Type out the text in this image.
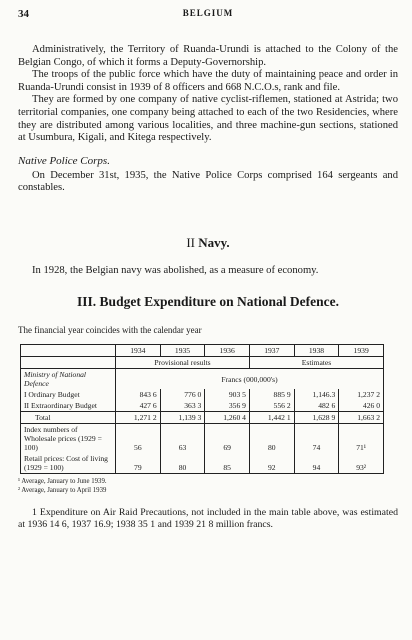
34	BELGIUM

Administratively, the Territory of Ruanda-Urundi is attached to the Colony of the Belgian Congo, of which it forms a Deputy-Governorship.

The troops of the public force which have the duty of maintaining peace and order in Ruanda-Urundi consist in 1939 of 8 officers and 668 N.C.O.s, rank and file.

They are formed by one company of native cyclist-riflemen, stationed at Astrida; two territorial companies, one company being attached to each of the two Residencies, where they are distributed among various localities, and three machine-gun sections, stationed at Usumbura, Kigali, and Kitega respectively.

Native Police Corps.

On December 31st, 1935, the Native Police Corps comprised 164 sergeants and constables.

II Navy.

In 1928, the Belgian navy was abolished, as a measure of economy.

III. Budget Expenditure on National Defence.

The financial year coincides with the calendar year

	1934	1935	1936	1937	1938	1939
	Provisional results			Estimates		
Ministry of National Defence	Francs (000,000's)					
I Ordinary Budget	843 6	776 0	903 5	885 9	1,146.3	1,237 2
II Extraordinary Budget	427 6	363 3	356 9	556 2	482 6	426 0
Total	1,271 2	1,139 3	1,260 4	1,442 1	1,628 9	1,663 2

Index numbers of
Wholesale prices (1929 = 100)	56	63	69	80	74	71¹
Retail prices: Cost of living (1929 = 100)	79	80	85	92	94	93²
¹ Average, January to June 1939.
² Average, January to April 1939

1 Expenditure on Air Raid Precautions, not included in the main table above, was estimated at 1936 14 6, 1937 16.9; 1938 35 1 and 1939 21 8 million francs.
